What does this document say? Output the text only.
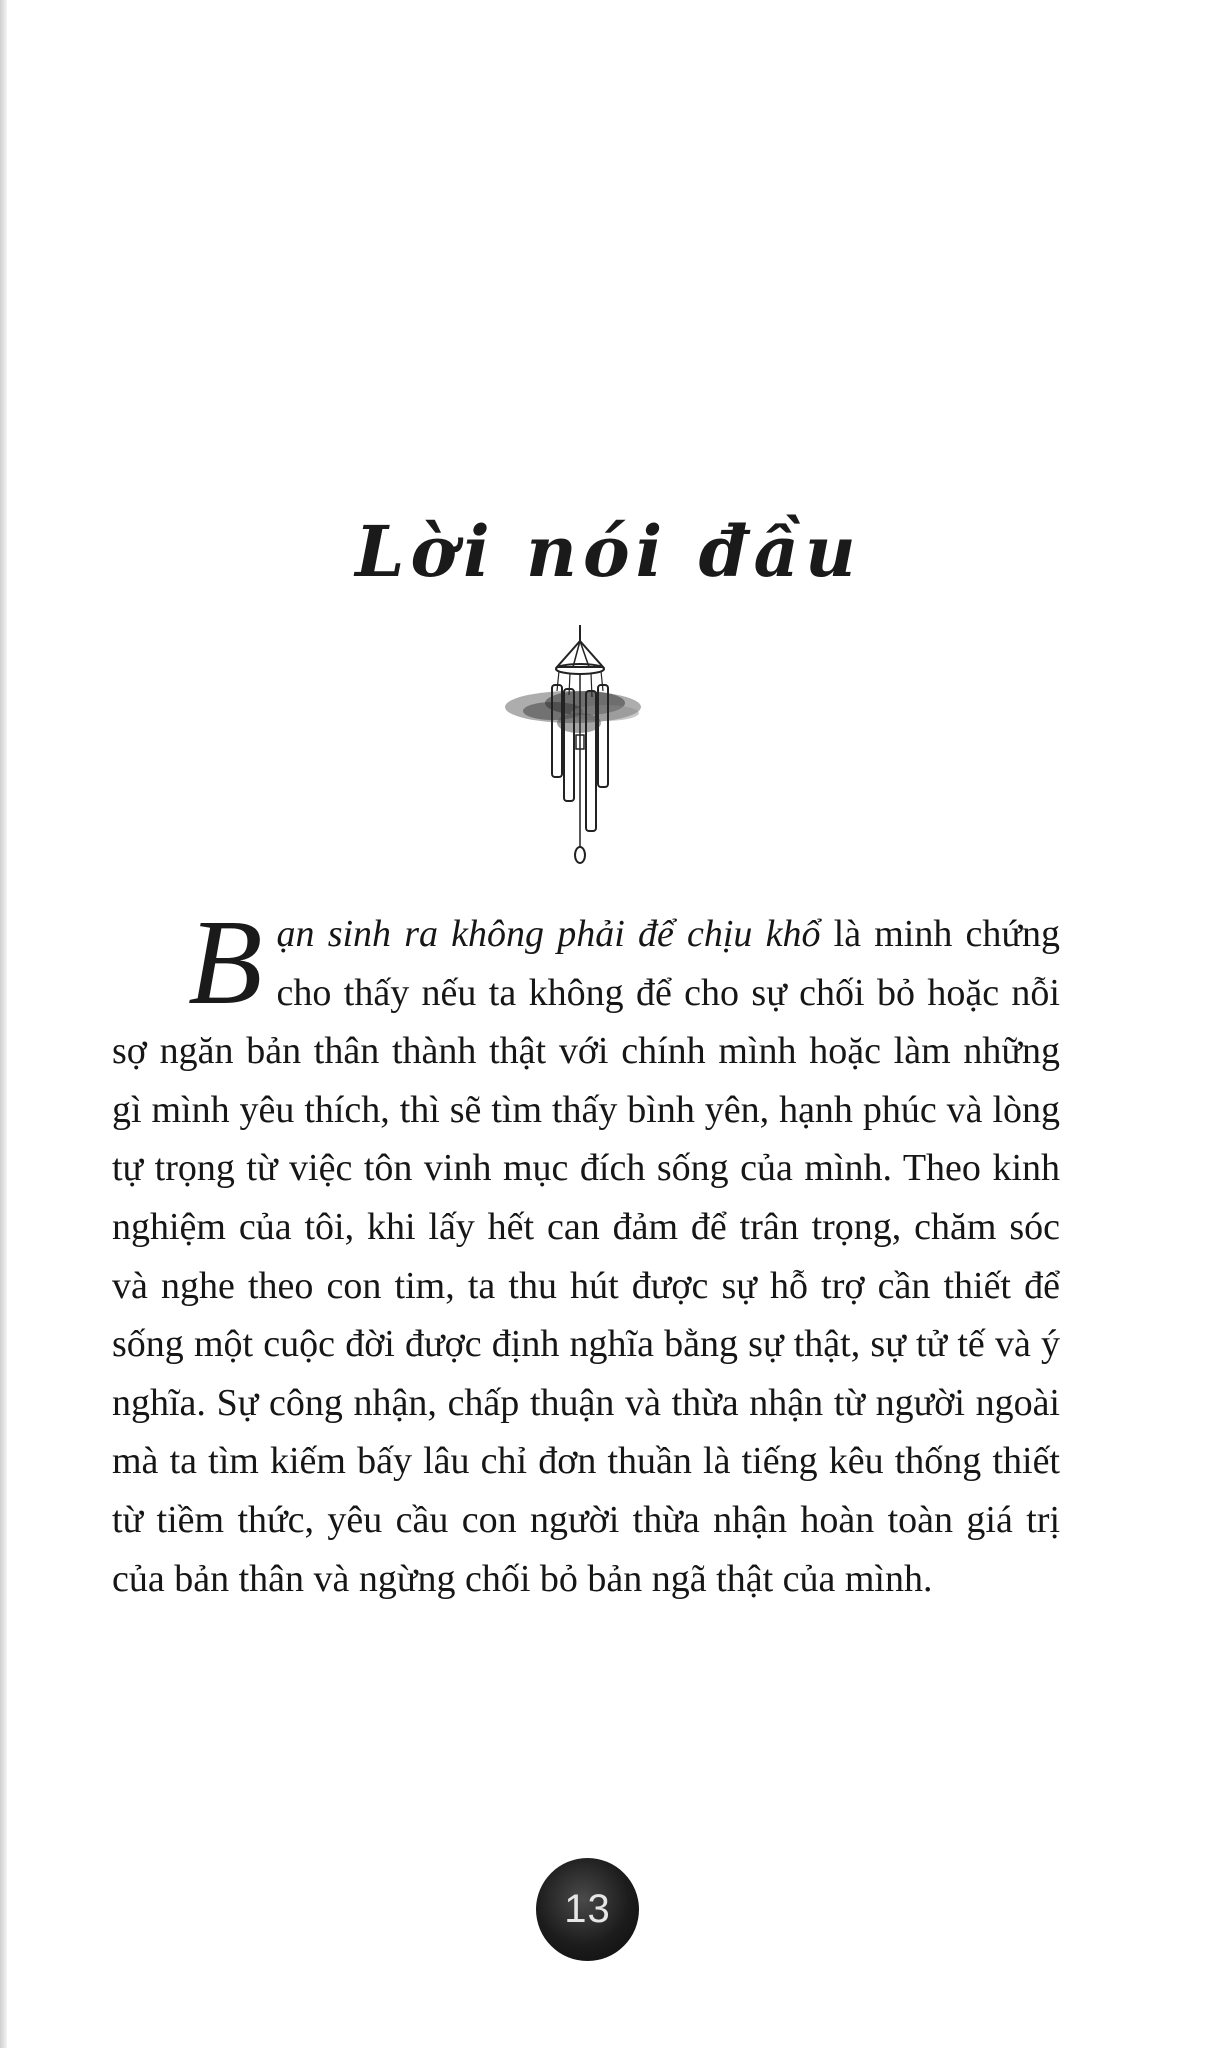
Lời nói đầu

Bạn sinh ra không phải để chịu khổ là minh chứng cho thấy nếu ta không để cho sự chối bỏ hoặc nỗi sợ ngăn bản thân thành thật với chính mình hoặc làm những gì mình yêu thích, thì sẽ tìm thấy bình yên, hạnh phúc và lòng tự trọng từ việc tôn vinh mục đích sống của mình. Theo kinh nghiệm của tôi, khi lấy hết can đảm để trân trọng, chăm sóc và nghe theo con tim, ta thu hút được sự hỗ trợ cần thiết để sống một cuộc đời được định nghĩa bằng sự thật, sự tử tế và ý nghĩa. Sự công nhận, chấp thuận và thừa nhận từ người ngoài mà ta tìm kiếm bấy lâu chỉ đơn thuần là tiếng kêu thống thiết từ tiềm thức, yêu cầu con người thừa nhận hoàn toàn giá trị của bản thân và ngừng chối bỏ bản ngã thật của mình.

13
